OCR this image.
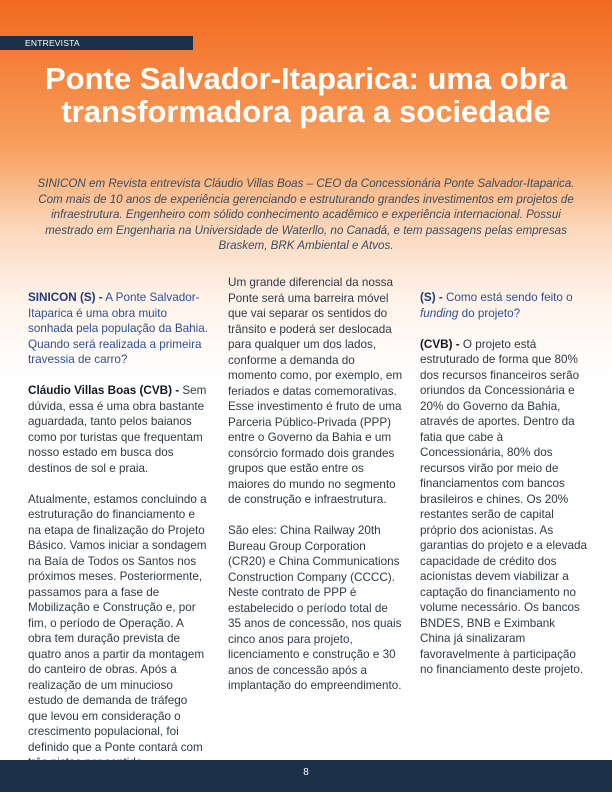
ENTREVISTA
Ponte Salvador-Itaparica: uma obra transformadora para a sociedade

SINICON em Revista entrevista Cláudio Villas Boas – CEO da Concessionária Ponte Salvador-Itaparica. Com mais de 10 anos de experiência gerenciando e estruturando grandes investimentos em projetos de infraestrutura. Engenheiro com sólido conhecimento acadêmico e experiência internacional. Possui mestrado em Engenharia na Universidade de Waterllo, no Canadá, e tem passagens pelas empresas Braskem, BRK Ambiental e Atvos.

SINICON (S) - A Ponte Salvador-Itaparica é uma obra muito sonhada pela população da Bahia. Quando será realizada a primeira travessia de carro?

Cláudio Villas Boas (CVB) - Sem dúvida, essa é uma obra bastante aguardada, tanto pelos baianos como por turistas que frequentam nosso estado em busca dos destinos de sol e praia.

Atualmente, estamos concluindo a estruturação do financiamento e na etapa de finalização do Projeto Básico. Vamos iniciar a sondagem na Baía de Todos os Santos nos próximos meses. Posteriormente, passamos para a fase de Mobilização e Construção e, por fim, o período de Operação. A obra tem duração prevista de quatro anos a partir da montagem do canteiro de obras. Após a realização de um minucioso estudo de demanda de tráfego que levou em consideração o crescimento populacional, foi definido que a Ponte contará com

Um grande diferencial da nossa Ponte será uma barreira móvel que vai separar os sentidos do trânsito e poderá ser deslocada para qualquer um dos lados, conforme a demanda do momento como, por exemplo, em feriados e datas comemorativas. Esse investimento é fruto de uma Parceria Público-Privada (PPP) entre o Governo da Bahia e um consórcio formado dois grandes grupos que estão entre os maiores do mundo no segmento de construção e infraestrutura.

São eles: China Railway 20th Bureau Group Corporation (CR20) e China Communications Construction Company (CCCC). Neste contrato de PPP é estabelecido o período total de 35 anos de concessão, nos quais cinco anos para projeto, licenciamento e construção e 30 anos de concessão após a implantação do empreendimento.

(S) - Como está sendo feito o funding do projeto?

(CVB) - O projeto está estruturado de forma que 80% dos recursos financeiros serão oriundos da Concessionária e 20% do Governo da Bahia, através de aportes. Dentro da fatia que cabe à Concessionária, 80% dos recursos virão por meio de financiamentos com bancos brasileiros e chines. Os 20% restantes serão de capital próprio dos acionistas. As garantias do projeto e a elevada capacidade de crédito dos acionistas devem viabilizar a captação do financiamento no volume necessário. Os bancos BNDES, BNB e Eximbank China já sinalizaram favoravelmente à participação no financiamento deste projeto.

8
